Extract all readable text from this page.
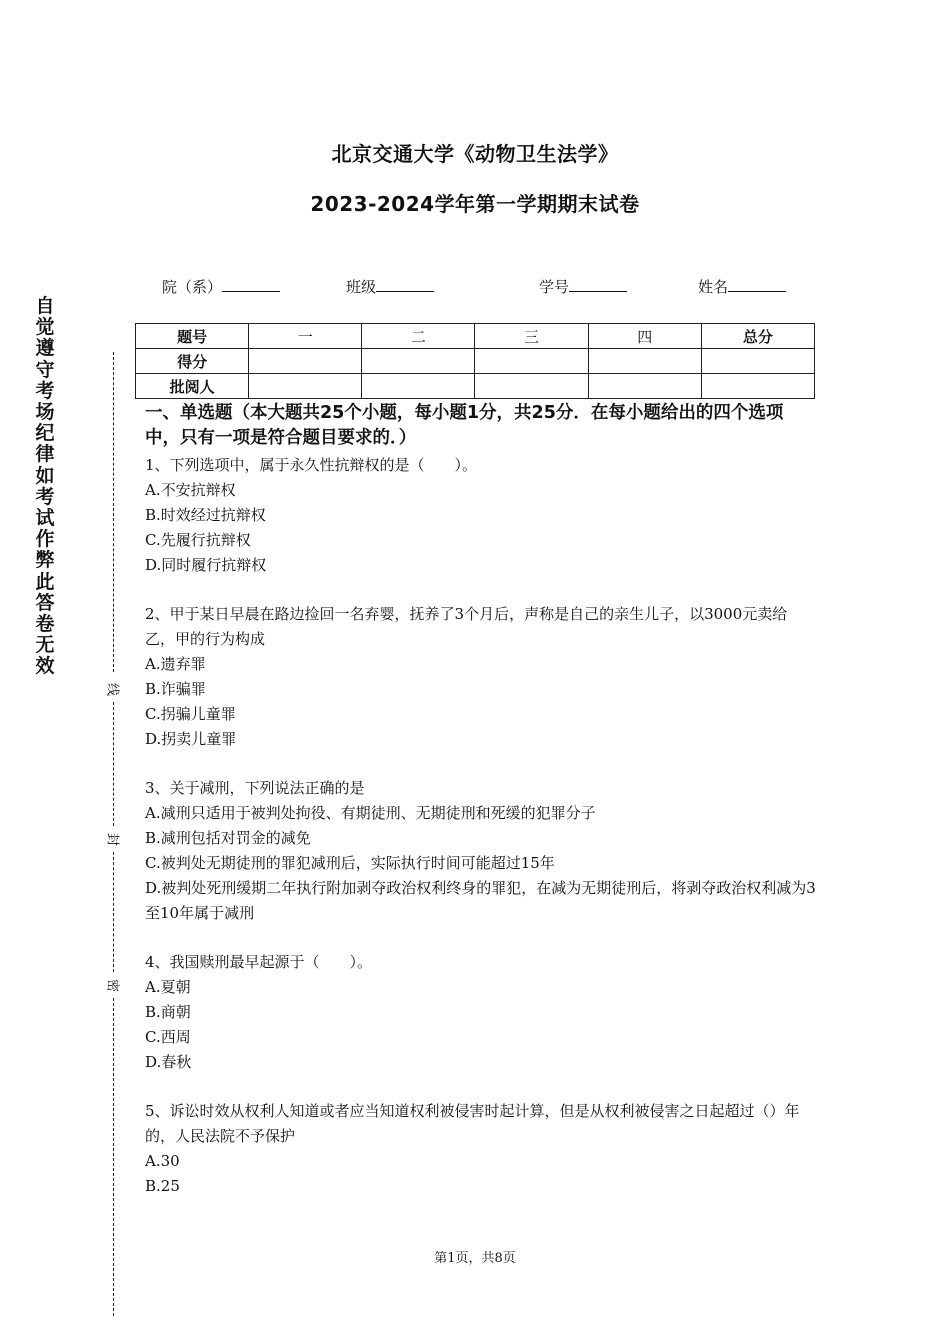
北京交通大学《动物卫生法学》
2023-2024学年第一学期期末试卷
院（系）	班级	学号	姓名
题号	一	二	三	四	总分
得分					
批阅人					
自
觉
遵
守
考
场
纪
律
如
考
试
作
弊
此
答
卷
无
效
线
封
密
一、单选题（本大题共25个小题，每小题1分，共25分．在每小题给出的四个选项中，只有一项是符合题目要求的．）

1、下列选项中，属于永久性抗辩权的是（　　）。

A.不安抗辩权

B.时效经过抗辩权

C.先履行抗辩权

D.同时履行抗辩权

2、甲于某日早晨在路边捡回一名弃婴，抚养了3个月后，声称是自己的亲生儿子，以3000元卖给乙，甲的行为构成

A.遗弃罪

B.诈骗罪

C.拐骗儿童罪

D.拐卖儿童罪

3、关于减刑，下列说法正确的是

A.减刑只适用于被判处拘役、有期徒刑、无期徒刑和死缓的犯罪分子

B.减刑包括对罚金的减免

C.被判处无期徒刑的罪犯减刑后，实际执行时间可能超过15年

D.被判处死刑缓期二年执行附加剥夺政治权利终身的罪犯，在减为无期徒刑后，将剥夺政治权利减为3至10年属于减刑

4、我国赎刑最早起源于（　　）。

A.夏朝

B.商朝

C.西周

D.春秋

5、诉讼时效从权利人知道或者应当知道权利被侵害时起计算，但是从权利被侵害之日起超过（）年的，人民法院不予保护

A.30

B.25

第1页，共8页
